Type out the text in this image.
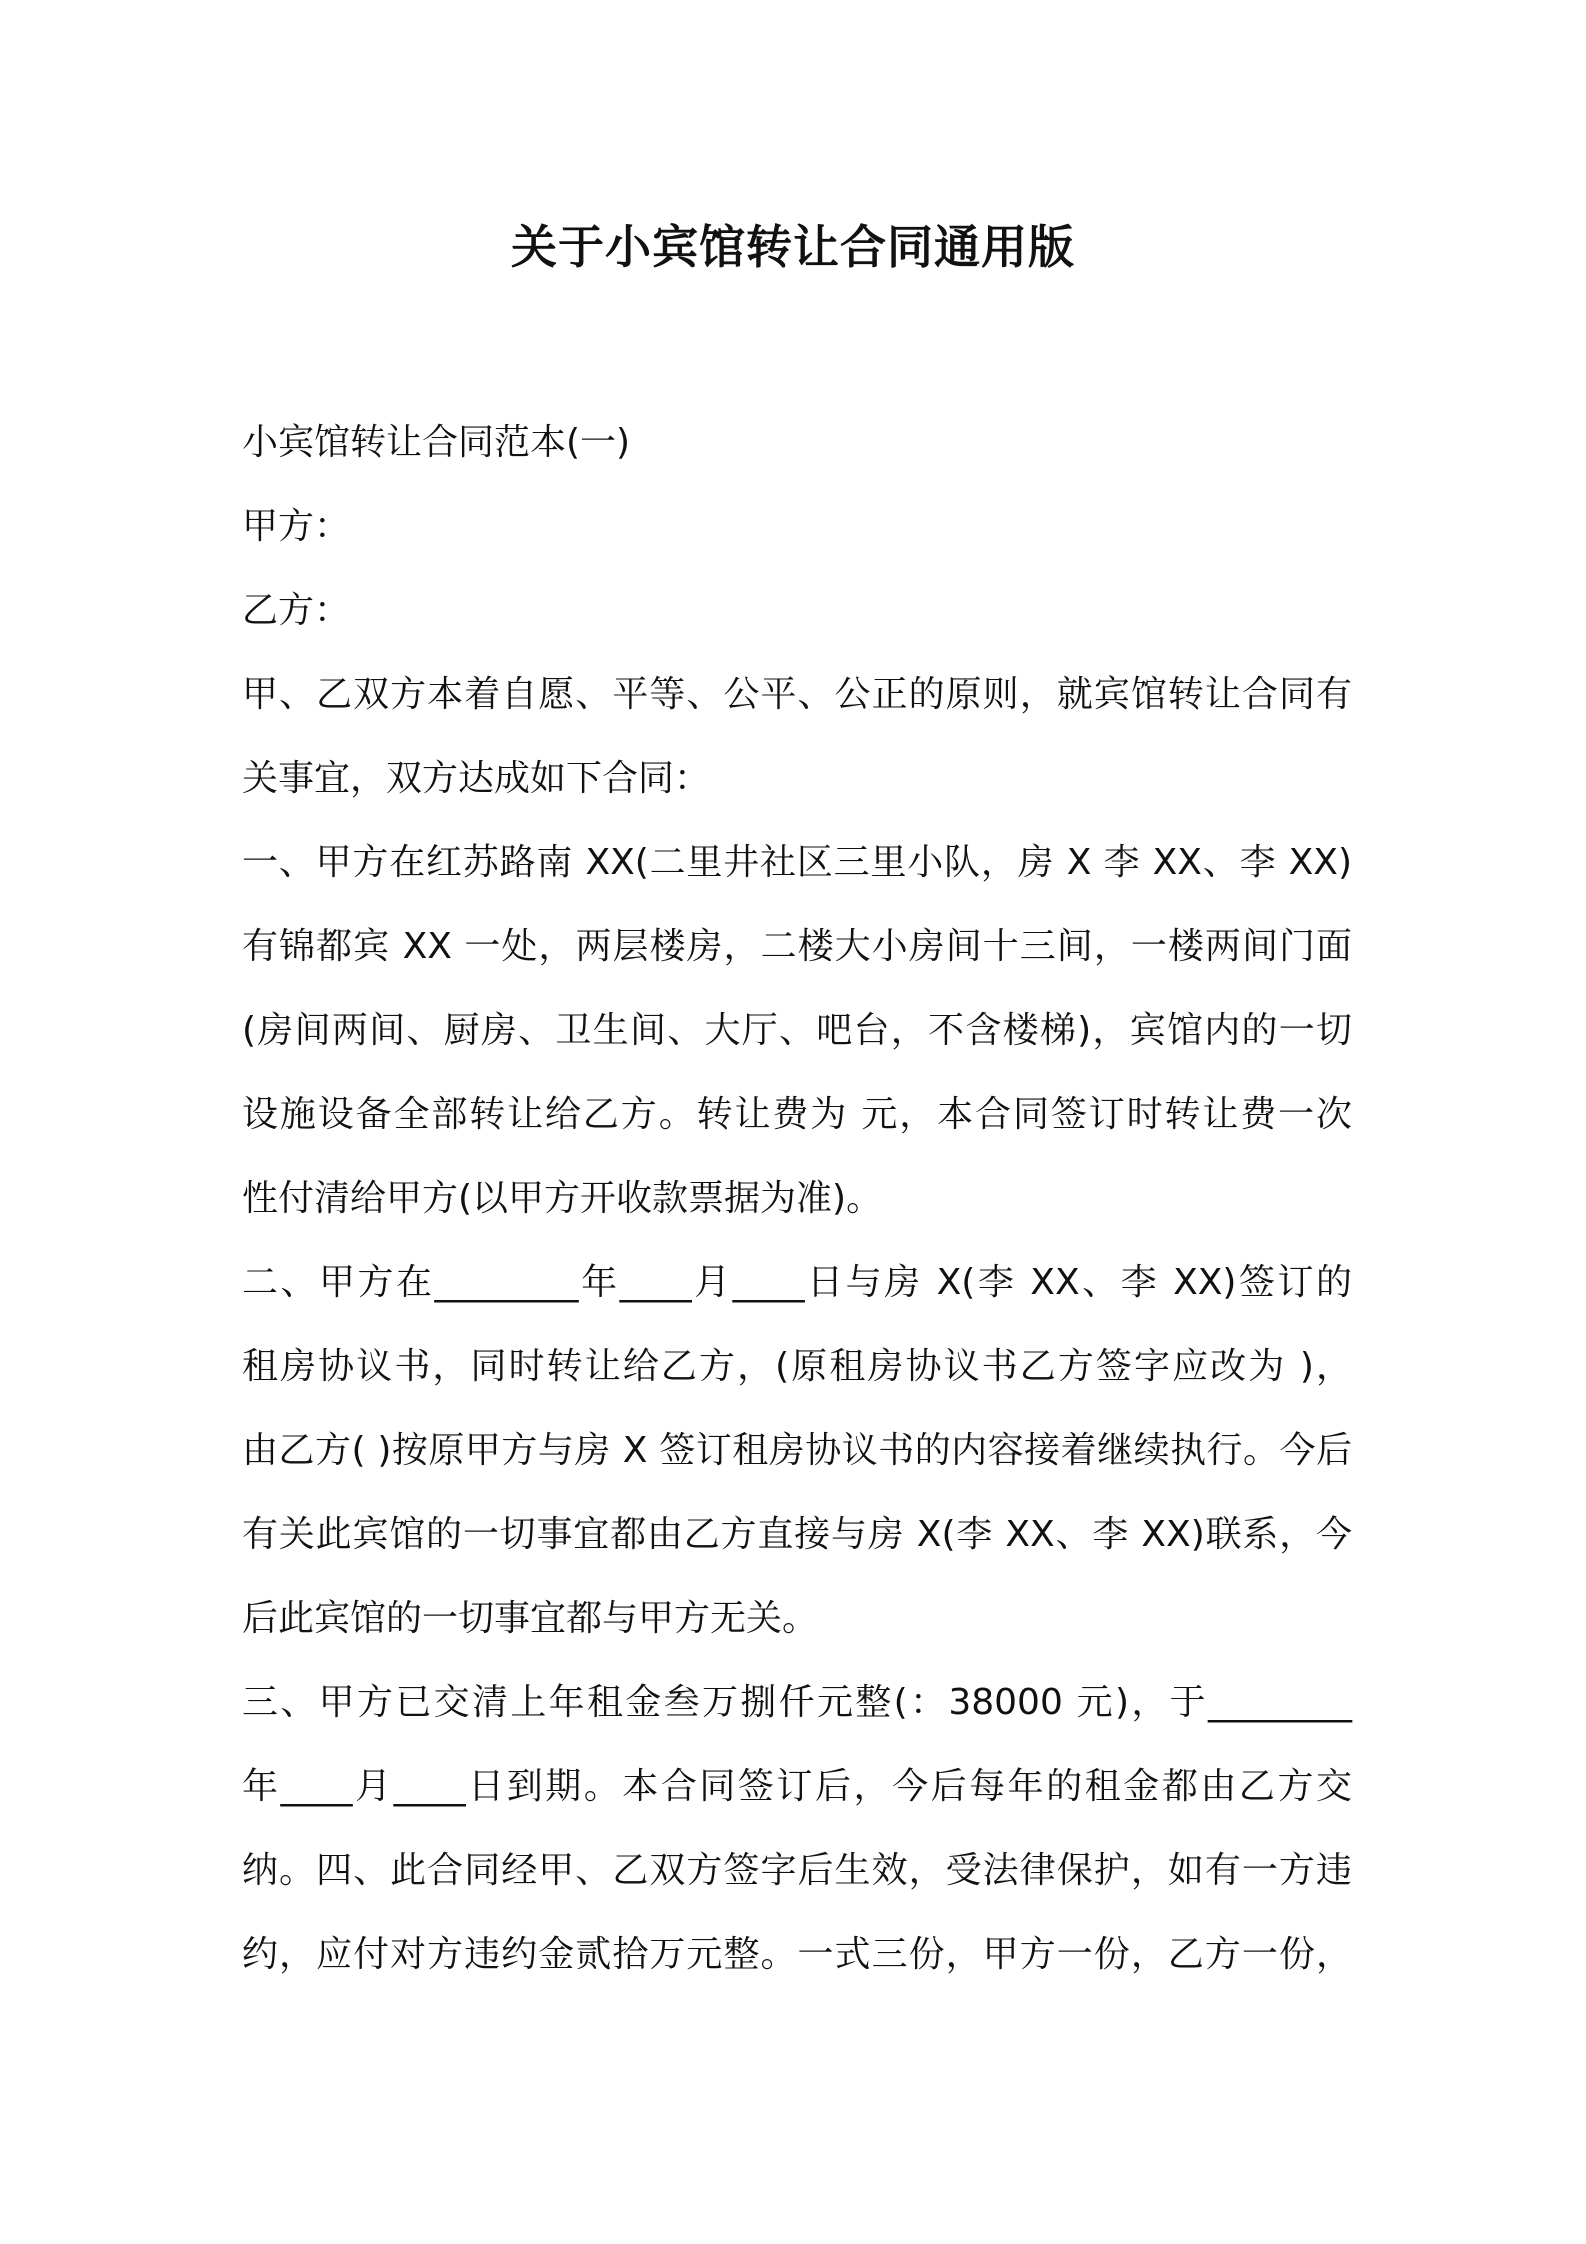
关于小宾馆转让合同通用版

小宾馆转让合同范本(一)

甲方：

乙方：

甲、乙双方本着自愿、平等、公平、公正的原则，就宾馆转让合同有
关事宜，双方达成如下合同：

一、甲方在红苏路南 XX(二里井社区三里小队，房 X 李 XX、李 XX)
有锦都宾 XX 一处，两层楼房，二楼大小房间十三间，一楼两间门面
(房间两间、厨房、卫生间、大厅、吧台，不含楼梯)，宾馆内的一切
设施设备全部转让给乙方。转让费为 元，本合同签订时转让费一次
性付清给甲方(以甲方开收款票据为准)。

二、甲方在________年____月____日与房 X(李 XX、李 XX)签订的
租房协议书，同时转让给乙方，(原租房协议书乙方签字应改为 )，
由乙方( )按原甲方与房 X 签订租房协议书的内容接着继续执行。今后
有关此宾馆的一切事宜都由乙方直接与房 X(李 XX、李 XX)联系，今
后此宾馆的一切事宜都与甲方无关。

三、甲方已交清上年租金叁万捌仟元整(：38000 元)，于________
年____月____日到期。本合同签订后，今后每年的租金都由乙方交
纳。四、此合同经甲、乙双方签字后生效，受法律保护，如有一方违
约，应付对方违约金贰拾万元整。一式三份，甲方一份，乙方一份，
